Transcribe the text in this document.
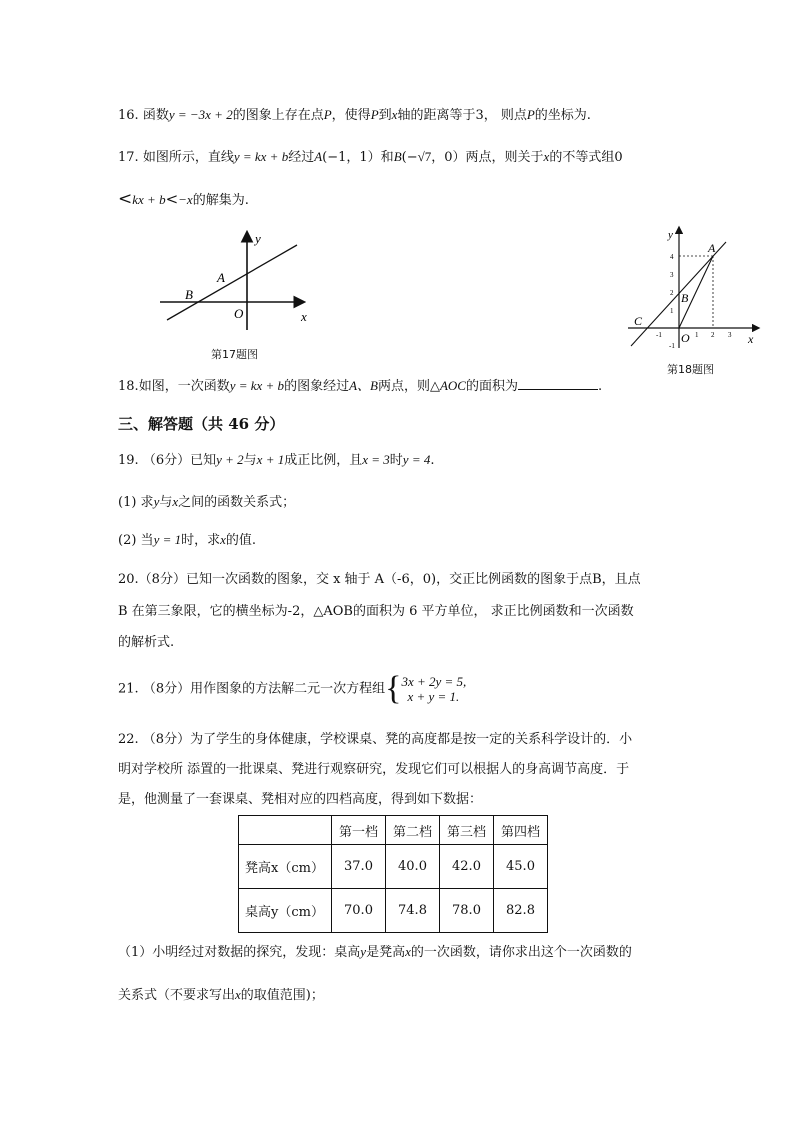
16. 函数y = −3x + 2的图象上存在点P，使得P到x轴的距离等于3， 则点P的坐标为.
17. 如图所示，直线y = kx + b经过A(−1，1）和B(−√7，0）两点，则关于x的不等式组0
<kx + b<−x的解集为.
y
x
A
B
O
第17题图
y
x
A
B
C
O
4
3
2
1
-1
-1	1 2 3
第18题图
18.如图，一次函数y = kx + b的图象经过A、B两点，则△AOC的面积为	.
三、解答题（共 46 分）
19. （6分）已知y + 2与x + 1成正比例，且x = 3时y = 4.
(1) 求y与x之间的函数关系式；
(2) 当y = 1时，求x的值.
20.（8分）已知一次函数的图象，交 x 轴于 A（-6，0)，交正比例函数的图象于点B，且点
B 在第三象限，它的横坐标为-2，△AOB的面积为 6 平方单位， 求正比例函数和一次函数
的解析式.
21. （8分）用作图象的方法解二元一次方程组{ 3x + 2y = 5,
x + y = 1.
22. （8分）为了学生的身体健康，学校课桌、凳的高度都是按一定的关系科学设计的．小
明对学校所 添置的一批课桌、凳进行观察研究，发现它们可以根据人的身高调节高度．于
是，他测量了一套课桌、凳相对应的四档高度，得到如下数据：
	第一档	第二档	第三档	第四档
凳高x（cm）	37.0	40.0	42.0	45.0
桌高y（cm）	70.0	74.8	78.0	82.8
（1）小明经过对数据的探究，发现：桌高y是凳高x的一次函数，请你求出这个一次函数的
关系式（不要求写出x的取值范围)；
